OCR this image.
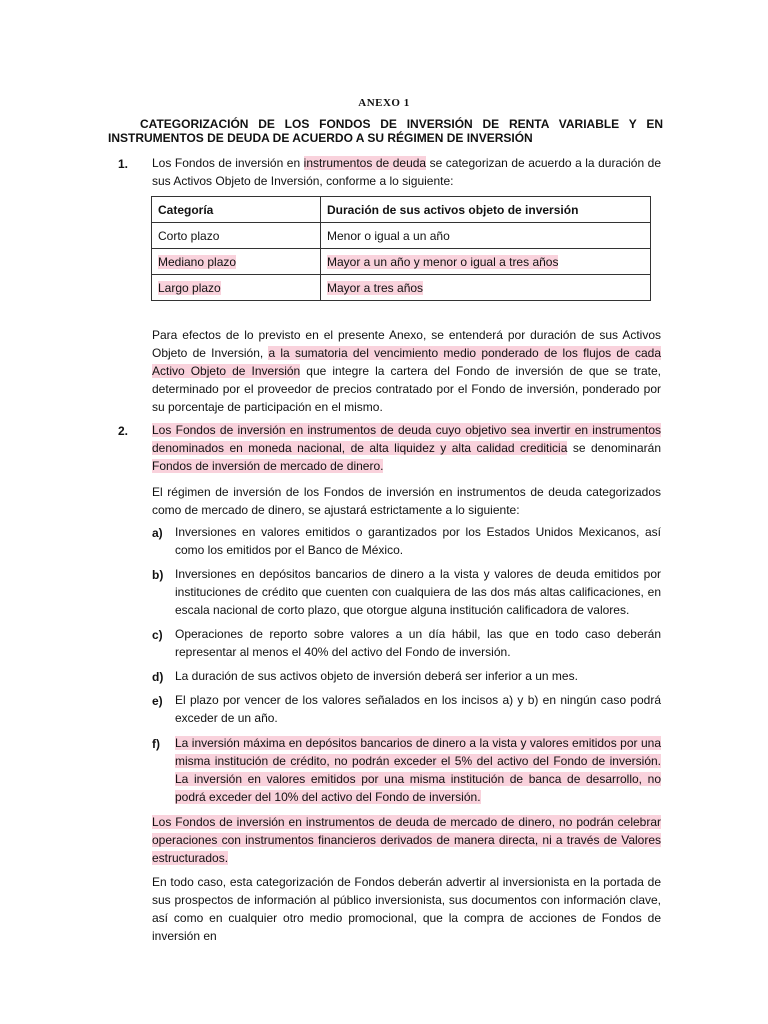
ANEXO 1
CATEGORIZACIÓN DE LOS FONDOS DE INVERSIÓN DE RENTA VARIABLE Y EN INSTRUMENTOS DE DEUDA DE ACUERDO A SU RÉGIMEN DE INVERSIÓN
1. Los Fondos de inversión en instrumentos de deuda se categorizan de acuerdo a la duración de sus Activos Objeto de Inversión, conforme a lo siguiente:
Categoría	Duración de sus activos objeto de inversión
Corto plazo	Menor o igual a un año
Mediano plazo	Mayor a un año y menor o igual a tres años
Largo plazo	Mayor a tres años
Para efectos de lo previsto en el presente Anexo, se entenderá por duración de sus Activos Objeto de Inversión, a la sumatoria del vencimiento medio ponderado de los flujos de cada Activo Objeto de Inversión que integre la cartera del Fondo de inversión de que se trate, determinado por el proveedor de precios contratado por el Fondo de inversión, ponderado por su porcentaje de participación en el mismo.
2. Los Fondos de inversión en instrumentos de deuda cuyo objetivo sea invertir en instrumentos denominados en moneda nacional, de alta liquidez y alta calidad crediticia se denominarán Fondos de inversión de mercado de dinero.
El régimen de inversión de los Fondos de inversión en instrumentos de deuda categorizados como de mercado de dinero, se ajustará estrictamente a lo siguiente:
a) Inversiones en valores emitidos o garantizados por los Estados Unidos Mexicanos, así como los emitidos por el Banco de México.
b) Inversiones en depósitos bancarios de dinero a la vista y valores de deuda emitidos por instituciones de crédito que cuenten con cualquiera de las dos más altas calificaciones, en escala nacional de corto plazo, que otorgue alguna institución calificadora de valores.
c) Operaciones de reporto sobre valores a un día hábil, las que en todo caso deberán representar al menos el 40% del activo del Fondo de inversión.
d) La duración de sus activos objeto de inversión deberá ser inferior a un mes.
e) El plazo por vencer de los valores señalados en los incisos a) y b) en ningún caso podrá exceder de un año.
f) La inversión máxima en depósitos bancarios de dinero a la vista y valores emitidos por una misma institución de crédito, no podrán exceder el 5% del activo del Fondo de inversión. La inversión en valores emitidos por una misma institución de banca de desarrollo, no podrá exceder del 10% del activo del Fondo de inversión.
Los Fondos de inversión en instrumentos de deuda de mercado de dinero, no podrán celebrar operaciones con instrumentos financieros derivados de manera directa, ni a través de Valores estructurados.
En todo caso, esta categorización de Fondos deberán advertir al inversionista en la portada de sus prospectos de información al público inversionista, sus documentos con información clave, así como en cualquier otro medio promocional, que la compra de acciones de Fondos de inversión en
